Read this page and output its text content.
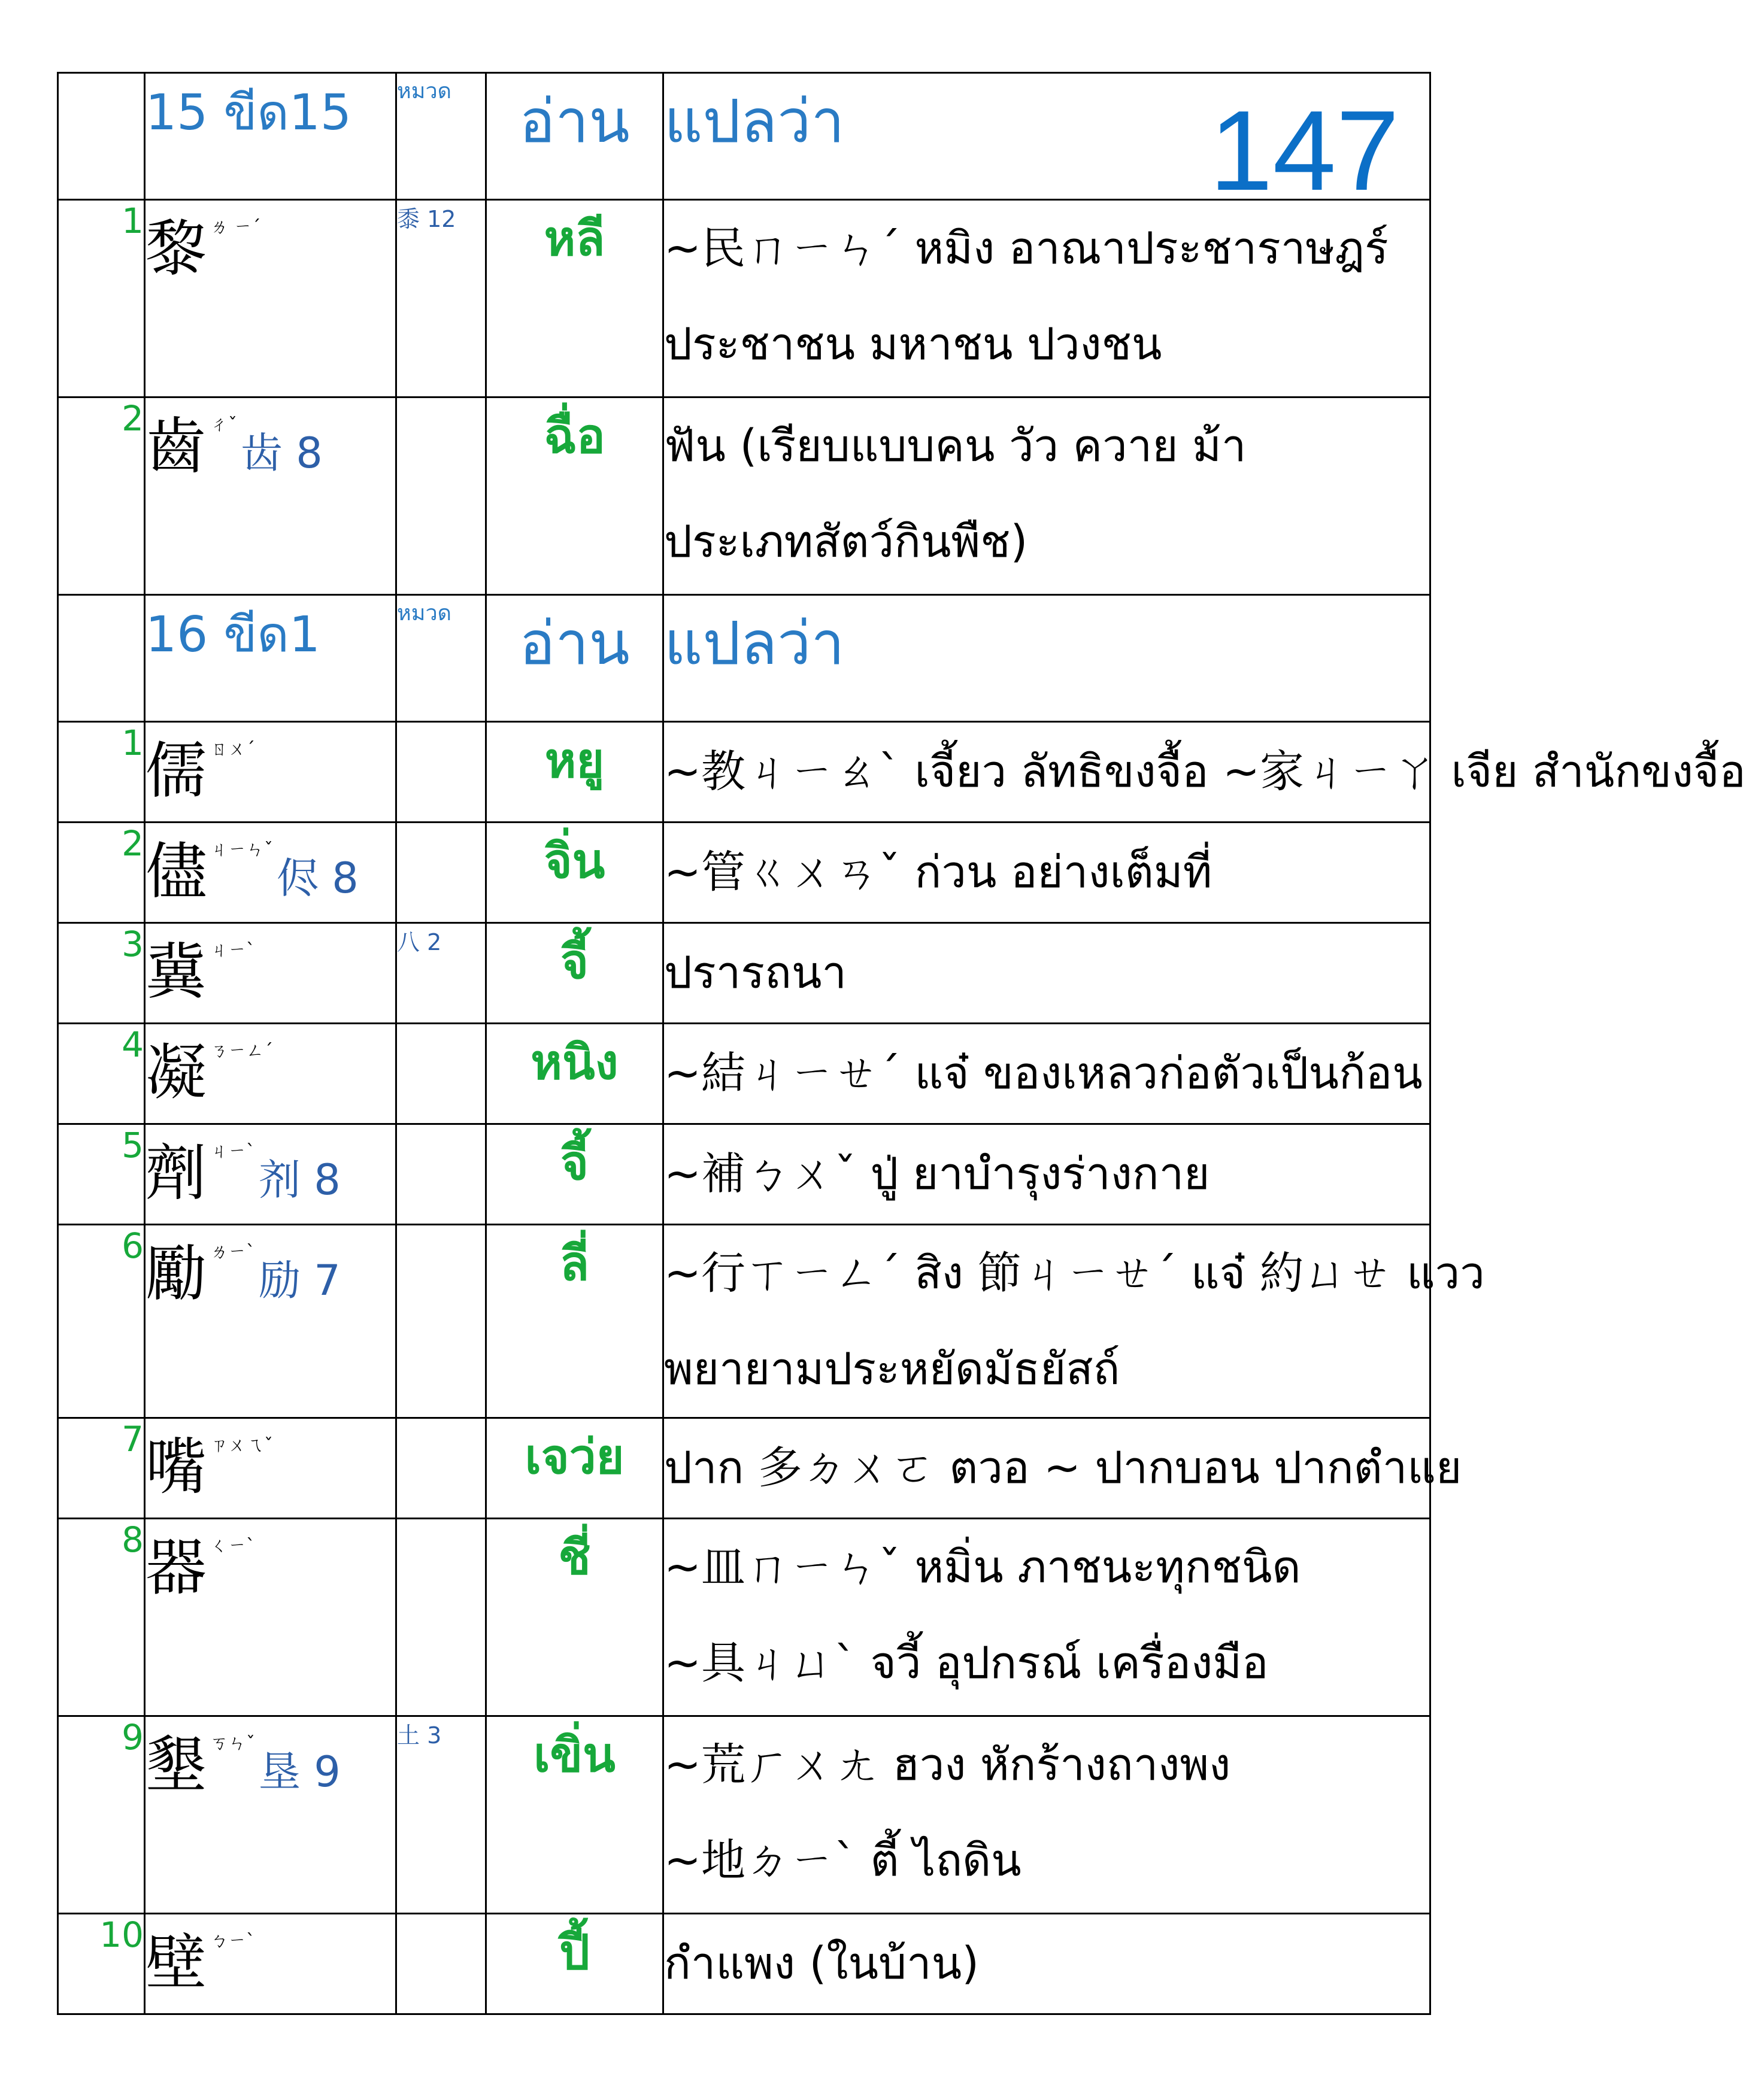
	15 ขีด15	หมวด	อ่าน	แปลว่า 147

1	黎 ㄌ ㄧˊ	黍 12	หลี	~民ㄇㄧㄣˊ หมิง อาณาประชาราษฎร์
ประชาชน มหาชน ปวงชน

2	齒 ㄔˇ齿 8		ฉื่อ	ฟัน (เรียบแบบคน วัว ควาย ม้า
ประเภทสัตว์กินพืช)

	16 ขีด1	หมวด	อ่าน	แปลว่า
1	儒 ㄖㄨˊ		หยู	~教ㄐㄧㄠˋ เจี้ยว ลัทธิขงจื้อ ~家ㄐㄧㄚ เจีย สำนักขงจื้อ

2	儘 ㄐㄧㄣˇ侭 8		จิ่น	~管ㄍㄨㄢˇ ก่วน อย่างเต็มที่

3	冀 ㄐㄧˋ	八 2	จี้	ปรารถนา

4	凝 ㄋㄧㄥˊ		หนิง	~結ㄐㄧㄝˊ แจ๋ ของเหลวก่อตัวเป็นก้อน

5	劑 ㄐㄧˋ剂 8		จี้	~補ㄅㄨˇ ปู่ ยาบำรุงร่างกาย

6	勵 ㄌㄧˋ励 7		ลี่	~行ㄒㄧㄥˊ สิง 節ㄐㄧㄝˊ แจ๋ 約ㄩㄝ แวว
พยายามประหยัดมัธยัสถ์

7	嘴 ㄗㄨㄟˇ		เจว่ย	ปาก 多ㄉㄨㄛ ตวอ ~ ปากบอน ปากตำแย

8	器 ㄑㄧˋ		ชี่	~皿ㄇㄧㄣˇ หมิ่น ภาชนะทุกชนิด
~具ㄐㄩˋ จวี้ อุปกรณ์ เครื่องมือ

9	墾 ㄎㄣˇ垦 9	土 3	เขิ่น	~荒ㄏㄨㄤ ฮวง หักร้างถางพง
~地ㄉㄧˋ ตี้ ไถดิน

10	壁 ㄅㄧˋ		ปี้	กำแพง (ในบ้าน)
